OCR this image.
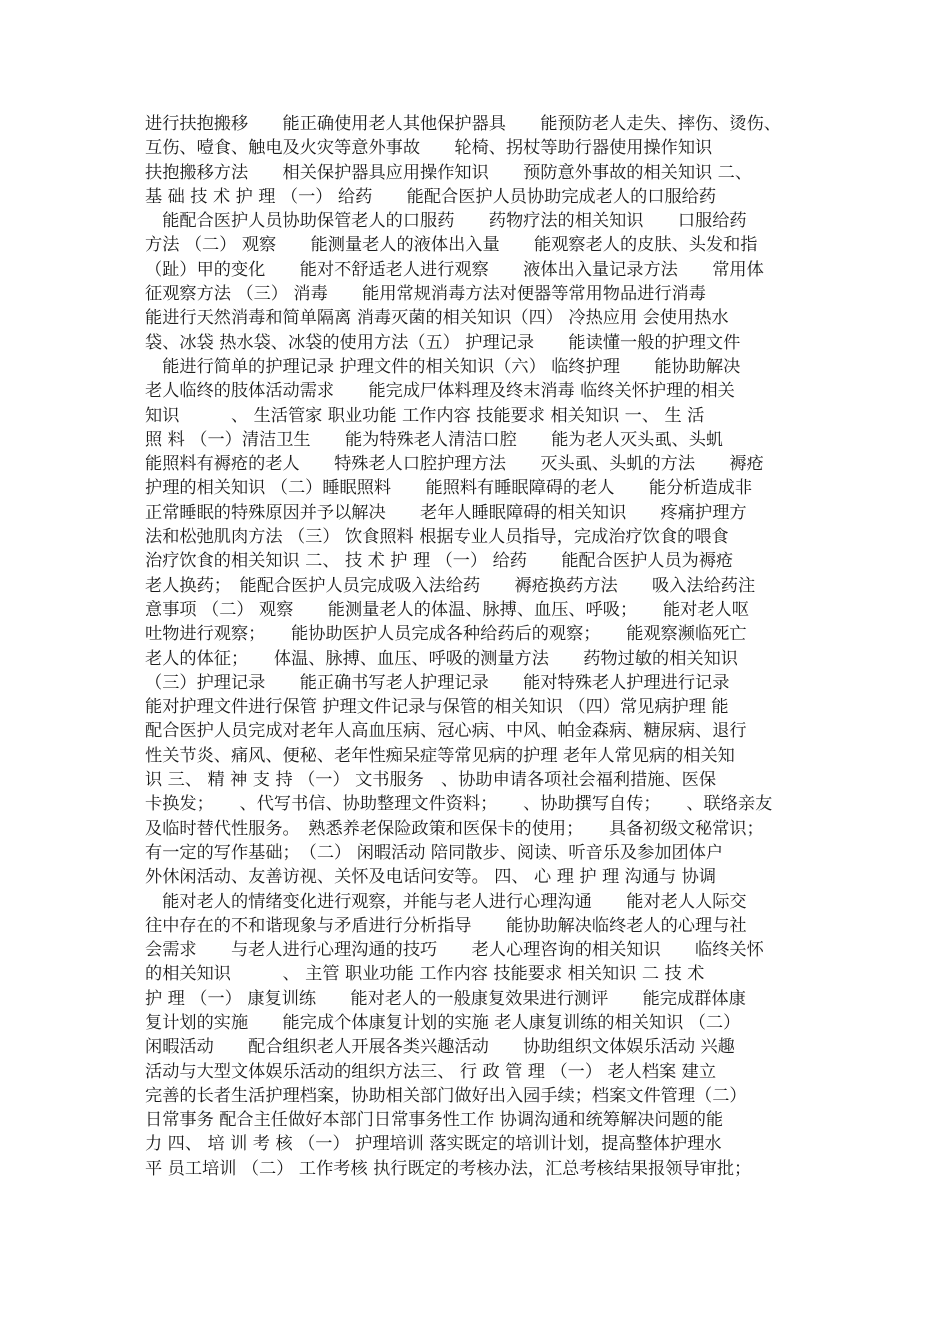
进行扶抱搬移　　能正确使用老人其他保护器具　　能预防老人走失、摔伤、烫伤、
互伤、噎食、触电及火灾等意外事故　　轮椅、拐杖等助行器使用操作知识
扶抱搬移方法　　相关保护器具应用操作知识　　预防意外事故的相关知识 二、
基 础 技 术 护 理 （一） 给药　　能配合医护人员协助完成老人的口服给药
　能配合医护人员协助保管老人的口服药　　药物疗法的相关知识　　口服给药
方法 （二） 观察　　能测量老人的液体出入量　　能观察老人的皮肤、头发和指
（趾）甲的变化　　能对不舒适老人进行观察　　液体出入量记录方法　　常用体
征观察方法 （三） 消毒　　能用常规消毒方法对便器等常用物品进行消毒
能进行天然消毒和简单隔离 消毒灭菌的相关知识（四） 冷热应用 会使用热水
袋、冰袋 热水袋、冰袋的使用方法（五） 护理记录　　能读懂一般的护理文件
　能进行简单的护理记录 护理文件的相关知识（六） 临终护理　　能协助解决
老人临终的肢体活动需求　　能完成尸体料理及终末消毒 临终关怀护理的相关
知识　　　、 生活管家 职业功能 工作内容 技能要求 相关知识 一、 生 活
照 料 （一）清洁卫生　　能为特殊老人清洁口腔　　能为老人灭头虱、头虮
能照料有褥疮的老人　　特殊老人口腔护理方法　　灭头虱、头虮的方法　　褥疮
护理的相关知识 （二）睡眠照料　　能照料有睡眠障碍的老人　　能分析造成非
正常睡眠的特殊原因并予以解决　　老年人睡眠障碍的相关知识　　疼痛护理方
法和松弛肌肉方法 （三） 饮食照料 根据专业人员指导，完成治疗饮食的喂食
治疗饮食的相关知识 二、 技 术 护 理 （一） 给药　　能配合医护人员为褥疮
老人换药；　能配合医护人员完成吸入法给药　　褥疮换药方法　　吸入法给药注
意事项 （二） 观察　　能测量老人的体温、脉搏、血压、呼吸；　　能对老人呕
吐物进行观察；　　能协助医护人员完成各种给药后的观察；　　能观察濒临死亡
老人的体征；　　体温、脉搏、血压、呼吸的测量方法　　药物过敏的相关知识
（三）护理记录　　能正确书写老人护理记录　　能对特殊老人护理进行记录
能对护理文件进行保管 护理文件记录与保管的相关知识 （四）常见病护理 能
配合医护人员完成对老年人高血压病、冠心病、中风、帕金森病、糖尿病、退行
性关节炎、痛风、便秘、老年性痴呆症等常见病的护理 老年人常见病的相关知
识 三、 精 神 支 持 （一） 文书服务　、协助申请各项社会福利措施、医保
卡换发；　　、代写书信、协助整理文件资料；　　、协助撰写自传；　　、联络亲友
及临时替代性服务。　熟悉养老保险政策和医保卡的使用；　　具备初级文秘常识；
有一定的写作基础；　（二） 闲暇活动 陪同散步、阅读、听音乐及参加团体户
外休闲活动、友善访视、关怀及电话问安等。 四、 心 理 护 理 沟通与 协调
　能对老人的情绪变化进行观察，并能与老人进行心理沟通　　能对老人人际交
往中存在的不和谐现象与矛盾进行分析指导　　能协助解决临终老人的心理与社
会需求　　与老人进行心理沟通的技巧　　老人心理咨询的相关知识　　临终关怀
的相关知识　　　、 主管 职业功能 工作内容 技能要求 相关知识 二 技 术
护 理 （一） 康复训练　　能对老人的一般康复效果进行测评　　能完成群体康
复计划的实施　　能完成个体康复计划的实施 老人康复训练的相关知识 （二）
闲暇活动　　配合组织老人开展各类兴趣活动　　协助组织文体娱乐活动 兴趣
活动与大型文体娱乐活动的组织方法三、 行 政 管 理 （一） 老人档案 建立
完善的长者生活护理档案，协助相关部门做好出入园手续；档案文件管理（二）
日常事务 配合主任做好本部门日常事务性工作 协调沟通和统筹解决问题的能
力 四、 培 训 考 核 （一） 护理培训 落实既定的培训计划，提高整体护理水
平 员工培训 （二） 工作考核 执行既定的考核办法，汇总考核结果报领导审批；
